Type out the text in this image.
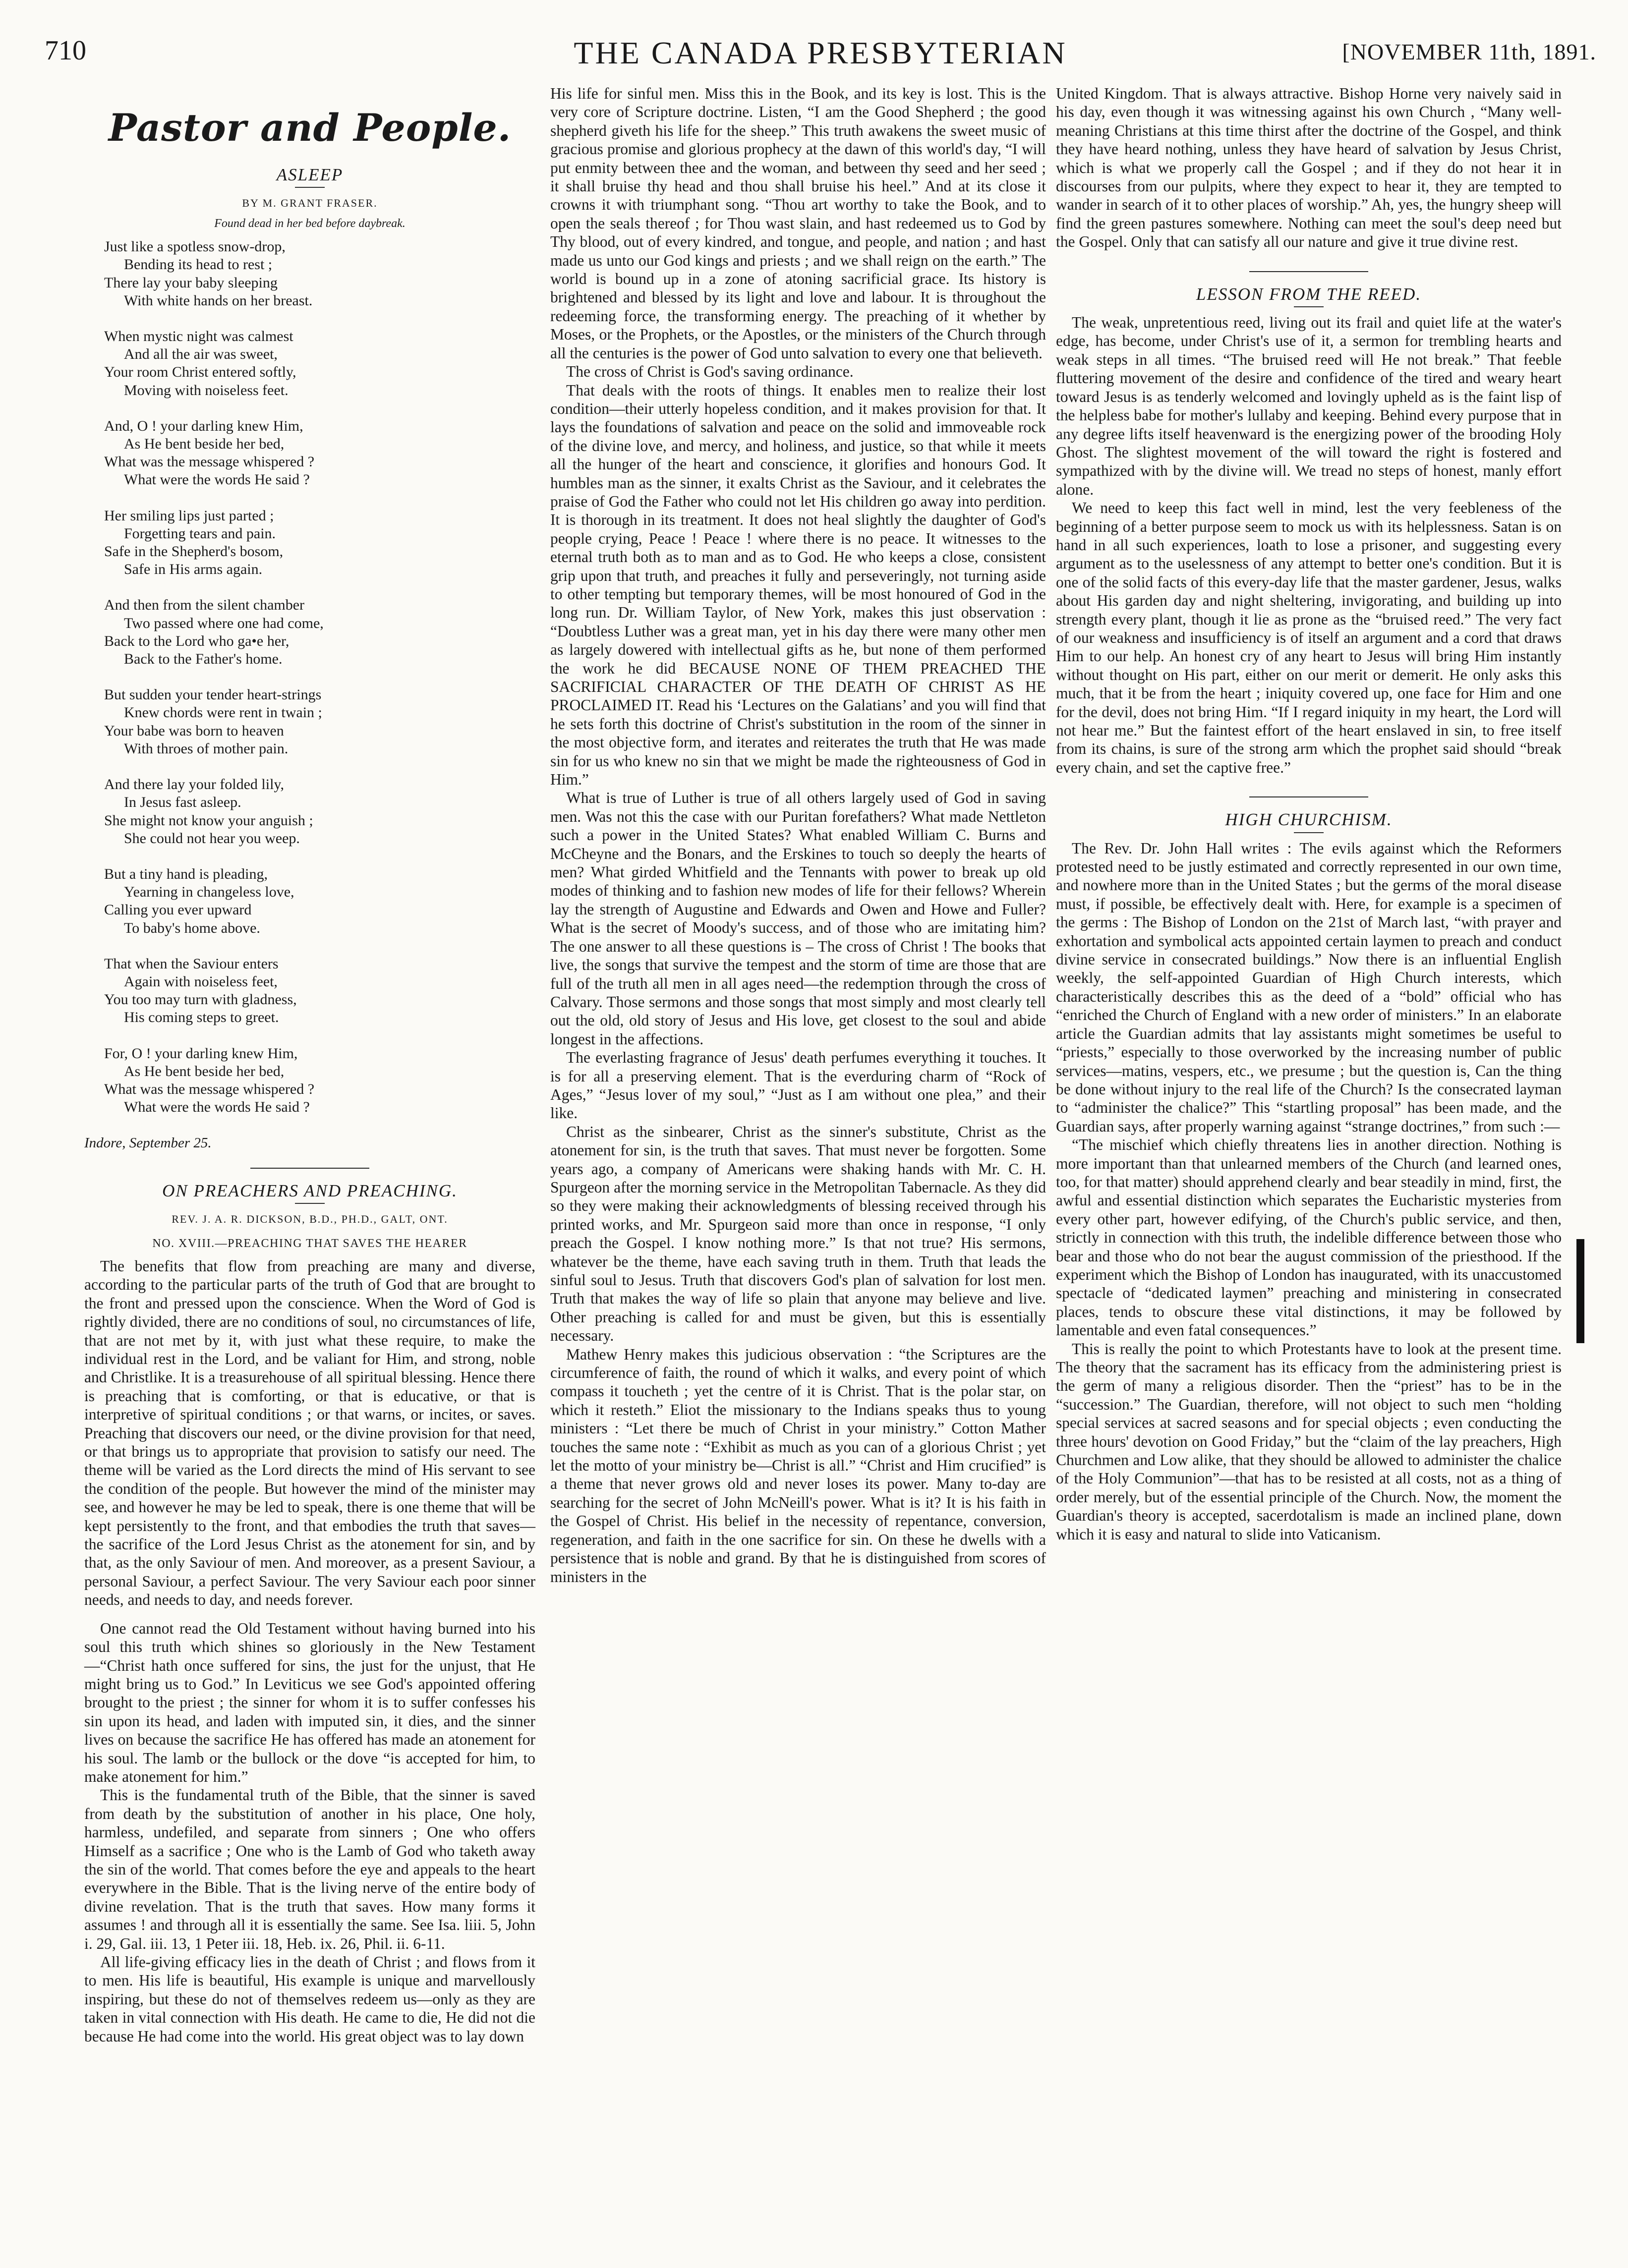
710	THE CANADA PRESBYTERIAN	[NOVEMBER 11th, 1891.
Pastor and People.
ASLEEP
BY M. GRANT FRASER.
Found dead in her bed before daybreak.
Just like a spotless snow-drop,
Bending its head to rest ;
There lay your baby sleeping
With white hands on her breast.
When mystic night was calmest
And all the air was sweet,
Your room Christ entered softly,
Moving with noiseless feet.
And, O ! your darling knew Him,
As He bent beside her bed,
What was the message whispered ?
What were the words He said ?
Her smiling lips just parted ;
Forgetting tears and pain.
Safe in the Shepherd's bosom,
Safe in His arms again.
And then from the silent chamber
Two passed where one had come,
Back to the Lord who ga•e her,
Back to the Father's home.
But sudden your tender heart-strings
Knew chords were rent in twain ;
Your babe was born to heaven
With throes of mother pain.
And there lay your folded lily,
In Jesus fast asleep.
She might not know your anguish ;
She could not hear you weep.
But a tiny hand is pleading,
Yearning in changeless love,
Calling you ever upward
To baby's home above.
That when the Saviour enters
Again with noiseless feet,
You too may turn with gladness,
His coming steps to greet.
For, O ! your darling knew Him,
As He bent beside her bed,
What was the message whispered ?
What were the words He said ?
Indore, September 25.
ON PREACHERS AND PREACHING.
REV. J. A. R. DICKSON, B.D., PH.D., GALT, ONT.
NO. XVIII.—PREACHING THAT SAVES THE HEARER

The benefits that flow from preaching are many and diverse, according to the particular parts of the truth of God that are brought to the front and pressed upon the conscience. When the Word of God is rightly divided, there are no conditions of soul, no circumstances of life, that are not met by it, with just what these require, to make the individual rest in the Lord, and be valiant for Him, and strong, noble and Christlike. It is a treasurehouse of all spiritual blessing. Hence there is preaching that is comforting, or that is educative, or that is interpretive of spiritual conditions ; or that warns, or incites, or saves. Preaching that discovers our need, or the divine provision for that need, or that brings us to appropriate that provision to satisfy our need. The theme will be varied as the Lord directs the mind of His servant to see the condition of the people. But however the mind of the minister may see, and however he may be led to speak, there is one theme that will be kept persistently to the front, and that embodies the truth that saves—the sacrifice of the Lord Jesus Christ as the atonement for sin, and by that, as the only Saviour of men. And moreover, as a present Saviour, a personal Saviour, a perfect Saviour. The very Saviour each poor sinner needs, and needs to day, and needs forever.

One cannot read the Old Testament without having burned into his soul this truth which shines so gloriously in the New Testament—“Christ hath once suffered for sins, the just for the unjust, that He might bring us to God.” In Leviticus we see God's appointed offering brought to the priest ; the sinner for whom it is to suffer confesses his sin upon its head, and laden with imputed sin, it dies, and the sinner lives on because the sacrifice He has offered has made an atonement for his soul. The lamb or the bullock or the dove “is accepted for him, to make atonement for him.”

This is the fundamental truth of the Bible, that the sinner is saved from death by the substitution of another in his place, One holy, harmless, undefiled, and separate from sinners ; One who offers Himself as a sacrifice ; One who is the Lamb of God who taketh away the sin of the world. That comes before the eye and appeals to the heart everywhere in the Bible. That is the living nerve of the entire body of divine revelation. That is the truth that saves. How many forms it assumes ! and through all it is essentially the same. See Isa. liii. 5, John i. 29, Gal. iii. 13, 1 Peter iii. 18, Heb. ix. 26, Phil. ii. 6-11.

All life-giving efficacy lies in the death of Christ ; and flows from it to men. His life is beautiful, His example is unique and marvellously inspiring, but these do not of themselves redeem us—only as they are taken in vital connection with His death. He came to die, He did not die because He had come into the world. His great object was to lay down

His life for sinful men. Miss this in the Book, and its key is lost. This is the very core of Scripture doctrine. Listen, “I am the Good Shepherd ; the good shepherd giveth his life for the sheep.” This truth awakens the sweet music of gracious promise and glorious prophecy at the dawn of this world's day, “I will put enmity between thee and the woman, and between thy seed and her seed ; it shall bruise thy head and thou shall bruise his heel.” And at its close it crowns it with triumphant song. “Thou art worthy to take the Book, and to open the seals thereof ; for Thou wast slain, and hast redeemed us to God by Thy blood, out of every kindred, and tongue, and people, and nation ; and hast made us unto our God kings and priests ; and we shall reign on the earth.” The world is bound up in a zone of atoning sacrificial grace. Its history is brightened and blessed by its light and love and labour. It is throughout the redeeming force, the transforming energy. The preaching of it whether by Moses, or the Prophets, or the Apostles, or the ministers of the Church through all the centuries is the power of God unto salvation to every one that believeth.

The cross of Christ is God's saving ordinance.

That deals with the roots of things. It enables men to realize their lost condition—their utterly hopeless condition, and it makes provision for that. It lays the foundations of salvation and peace on the solid and immoveable rock of the divine love, and mercy, and holiness, and justice, so that while it meets all the hunger of the heart and conscience, it glorifies and honours God. It humbles man as the sinner, it exalts Christ as the Saviour, and it celebrates the praise of God the Father who could not let His children go away into perdition. It is thorough in its treatment. It does not heal slightly the daughter of God's people crying, Peace ! Peace ! where there is no peace. It witnesses to the eternal truth both as to man and as to God. He who keeps a close, consistent grip upon that truth, and preaches it fully and perseveringly, not turning aside to other tempting but temporary themes, will be most honoured of God in the long run. Dr. William Taylor, of New York, makes this just observation : “Doubtless Luther was a great man, yet in his day there were many other men as largely dowered with intellectual gifts as he, but none of them performed the work he did BECAUSE NONE OF THEM PREACHED THE SACRIFICIAL CHARACTER OF THE DEATH OF CHRIST AS HE PROCLAIMED IT. Read his ‘Lectures on the Galatians’ and you will find that he sets forth this doctrine of Christ's substitution in the room of the sinner in the most objective form, and iterates and reiterates the truth that He was made sin for us who knew no sin that we might be made the righteousness of God in Him.”

What is true of Luther is true of all others largely used of God in saving men. Was not this the case with our Puritan forefathers? What made Nettleton such a power in the United States? What enabled William C. Burns and McCheyne and the Bonars, and the Erskines to touch so deeply the hearts of men? What girded Whitfield and the Tennants with power to break up old modes of thinking and to fashion new modes of life for their fellows? Wherein lay the strength of Augustine and Edwards and Owen and Howe and Fuller? What is the secret of Moody's success, and of those who are imitating him? The one answer to all these questions is – The cross of Christ ! The books that live, the songs that survive the tempest and the storm of time are those that are full of the truth all men in all ages need—the redemption through the cross of Calvary. Those sermons and those songs that most simply and most clearly tell out the old, old story of Jesus and His love, get closest to the soul and abide longest in the affections.

The everlasting fragrance of Jesus' death perfumes everything it touches. It is for all a preserving element. That is the everduring charm of “Rock of Ages,” “Jesus lover of my soul,” “Just as I am without one plea,” and their like.

Christ as the sinbearer, Christ as the sinner's substitute, Christ as the atonement for sin, is the truth that saves. That must never be forgotten. Some years ago, a company of Americans were shaking hands with Mr. C. H. Spurgeon after the morning service in the Metropolitan Tabernacle. As they did so they were making their acknowledgments of blessing received through his printed works, and Mr. Spurgeon said more than once in response, “I only preach the Gospel. I know nothing more.” Is that not true? His sermons, whatever be the theme, have each saving truth in them. Truth that leads the sinful soul to Jesus. Truth that discovers God's plan of salvation for lost men. Truth that makes the way of life so plain that anyone may believe and live. Other preaching is called for and must be given, but this is essentially necessary.

Mathew Henry makes this judicious observation : “the Scriptures are the circumference of faith, the round of which it walks, and every point of which compass it toucheth ; yet the centre of it is Christ. That is the polar star, on which it resteth.” Eliot the missionary to the Indians speaks thus to young ministers : “Let there be much of Christ in your ministry.” Cotton Mather touches the same note : “Exhibit as much as you can of a glorious Christ ; yet let the motto of your ministry be—Christ is all.” “Christ and Him crucified” is a theme that never grows old and never loses its power. Many to-day are searching for the secret of John McNeill's power. What is it? It is his faith in the Gospel of Christ. His belief in the necessity of repentance, conversion, regeneration, and faith in the one sacrifice for sin. On these he dwells with a persistence that is noble and grand. By that he is distinguished from scores of ministers in the

United Kingdom. That is always attractive. Bishop Horne very naively said in his day, even though it was witnessing against his own Church , “Many well-meaning Christians at this time thirst after the doctrine of the Gospel, and think they have heard nothing, unless they have heard of salvation by Jesus Christ, which is what we properly call the Gospel ; and if they do not hear it in discourses from our pulpits, where they expect to hear it, they are tempted to wander in search of it to other places of worship.” Ah, yes, the hungry sheep will find the green pastures somewhere. Nothing can meet the soul's deep need but the Gospel. Only that can satisfy all our nature and give it true divine rest.

LESSON FROM THE REED.

The weak, unpretentious reed, living out its frail and quiet life at the water's edge, has become, under Christ's use of it, a sermon for trembling hearts and weak steps in all times. “The bruised reed will He not break.” That feeble fluttering movement of the desire and confidence of the tired and weary heart toward Jesus is as tenderly welcomed and lovingly upheld as is the faint lisp of the helpless babe for mother's lullaby and keeping. Behind every purpose that in any degree lifts itself heavenward is the energizing power of the brooding Holy Ghost. The slightest movement of the will toward the right is fostered and sympathized with by the divine will. We tread no steps of honest, manly effort alone.

We need to keep this fact well in mind, lest the very feebleness of the beginning of a better purpose seem to mock us with its helplessness. Satan is on hand in all such experiences, loath to lose a prisoner, and suggesting every argument as to the uselessness of any attempt to better one's condition. But it is one of the solid facts of this every-day life that the master gardener, Jesus, walks about His garden day and night sheltering, invigorating, and building up into strength every plant, though it lie as prone as the “bruised reed.” The very fact of our weakness and insufficiency is of itself an argument and a cord that draws Him to our help. An honest cry of any heart to Jesus will bring Him instantly without thought on His part, either on our merit or demerit. He only asks this much, that it be from the heart ; iniquity covered up, one face for Him and one for the devil, does not bring Him. “If I regard iniquity in my heart, the Lord will not hear me.” But the faintest effort of the heart enslaved in sin, to free itself from its chains, is sure of the strong arm which the prophet said should “break every chain, and set the captive free.”

HIGH CHURCHISM.

The Rev. Dr. John Hall writes : The evils against which the Reformers protested need to be justly estimated and correctly represented in our own time, and nowhere more than in the United States ; but the germs of the moral disease must, if possible, be effectively dealt with. Here, for example is a specimen of the germs : The Bishop of London on the 21st of March last, “with prayer and exhortation and symbolical acts appointed certain laymen to preach and conduct divine service in consecrated buildings.” Now there is an influential English weekly, the self-appointed Guardian of High Church interests, which characteristically describes this as the deed of a “bold” official who has “enriched the Church of England with a new order of ministers.” In an elaborate article the Guardian admits that lay assistants might sometimes be useful to “priests,” especially to those overworked by the increasing number of public services—matins, vespers, etc., we presume ; but the question is, Can the thing be done without injury to the real life of the Church? Is the consecrated layman to “administer the chalice?” This “startling proposal” has been made, and the Guardian says, after properly warning against “strange doctrines,” from such :—

“The mischief which chiefly threatens lies in another direction. Nothing is more important than that unlearned members of the Church (and learned ones, too, for that matter) should apprehend clearly and bear steadily in mind, first, the awful and essential distinction which separates the Eucharistic mysteries from every other part, however edifying, of the Church's public service, and then, strictly in connection with this truth, the indelible difference between those who bear and those who do not bear the august commission of the priesthood. If the experiment which the Bishop of London has inaugurated, with its unaccustomed spectacle of “dedicated laymen” preaching and ministering in consecrated places, tends to obscure these vital distinctions, it may be followed by lamentable and even fatal consequences.”

This is really the point to which Protestants have to look at the present time. The theory that the sacrament has its efficacy from the administering priest is the germ of many a religious disorder. Then the “priest” has to be in the “succession.” The Guardian, therefore, will not object to such men “holding special services at sacred seasons and for special objects ; even conducting the three hours' devotion on Good Friday,” but the “claim of the lay preachers, High Churchmen and Low alike, that they should be allowed to administer the chalice of the Holy Communion”—that has to be resisted at all costs, not as a thing of order merely, but of the essential principle of the Church. Now, the moment the Guardian's theory is accepted, sacerdotalism is made an inclined plane, down which it is easy and natural to slide into Vaticanism.
